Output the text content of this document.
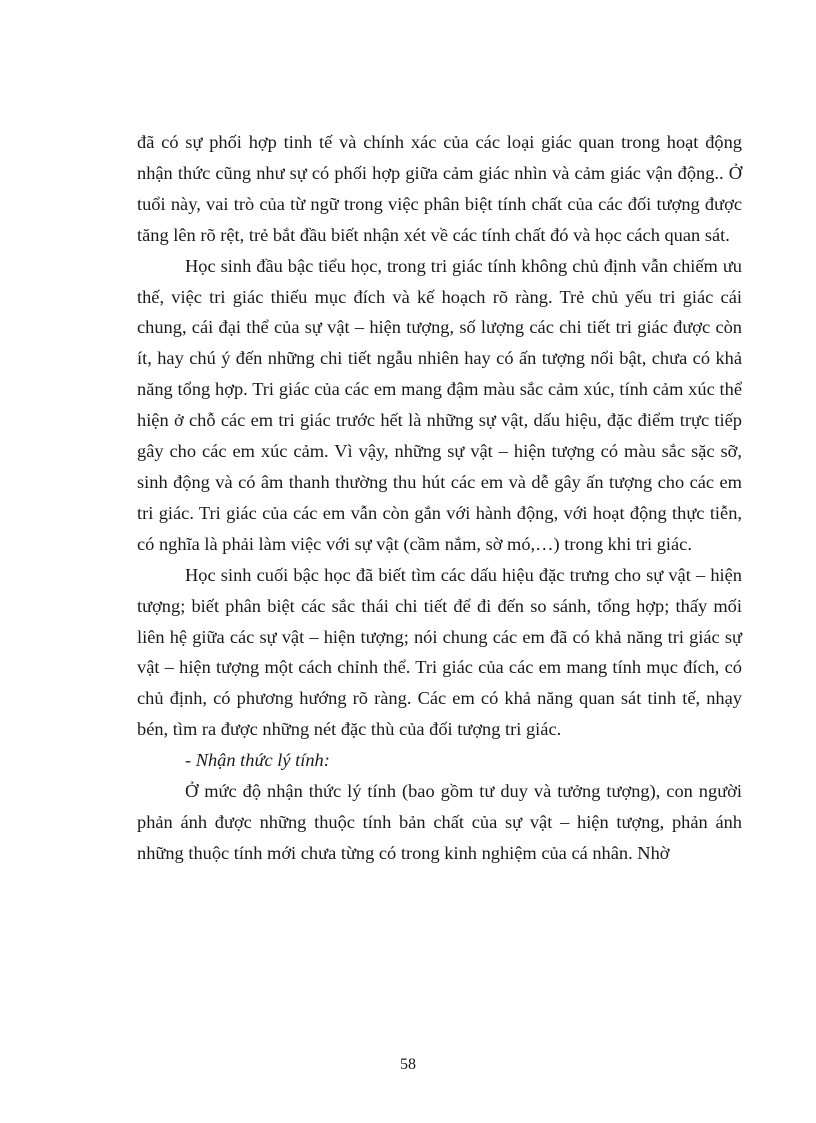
đã có sự phối hợp tinh tế và chính xác của các loại giác quan trong hoạt động nhận thức cũng như sự có phối hợp giữa cảm giác nhìn và cảm giác vận động.. Ở tuổi này, vai trò của từ ngữ trong việc phân biệt tính chất của các đối tượng được tăng lên rõ rệt, trẻ bắt đầu biết nhận xét về các tính chất đó và học cách quan sát.

Học sinh đầu bậc tiểu học, trong tri giác tính không chủ định vẫn chiếm ưu thế, việc tri giác thiếu mục đích và kế hoạch rõ ràng. Trẻ chủ yếu tri giác cái chung, cái đại thể của sự vật – hiện tượng, số lượng các chi tiết tri giác được còn ít, hay chú ý đến những chi tiết ngẫu nhiên hay có ấn tượng nổi bật, chưa có khả năng tổng hợp. Tri giác của các em mang đậm màu sắc cảm xúc, tính cảm xúc thể hiện ở chỗ các em tri giác trước hết là những sự vật, dấu hiệu, đặc điểm trực tiếp gây cho các em xúc cảm. Vì vậy, những sự vật – hiện tượng có màu sắc sặc sỡ, sinh động và có âm thanh thường thu hút các em và dễ gây ấn tượng cho các em tri giác. Tri giác của các em vẫn còn gắn với hành động, với hoạt động thực tiễn, có nghĩa là phải làm việc với sự vật (cầm nắm, sờ mó,…) trong khi tri giác.

Học sinh cuối bậc học đã biết tìm các dấu hiệu đặc trưng cho sự vật – hiện tượng; biết phân biệt các sắc thái chi tiết để đi đến so sánh, tổng hợp; thấy mối liên hệ giữa các sự vật – hiện tượng; nói chung các em đã có khả năng tri giác sự vật – hiện tượng một cách chỉnh thể. Tri giác của các em mang tính mục đích, có chủ định, có phương hướng rõ ràng. Các em có khả năng quan sát tinh tế, nhạy bén, tìm ra được những nét đặc thù của đối tượng tri giác.

- Nhận thức lý tính:

Ở mức độ nhận thức lý tính (bao gồm tư duy và tưởng tượng), con người phản ánh được những thuộc tính bản chất của sự vật – hiện tượng, phản ánh những thuộc tính mới chưa từng có trong kinh nghiệm của cá nhân. Nhờ

58
